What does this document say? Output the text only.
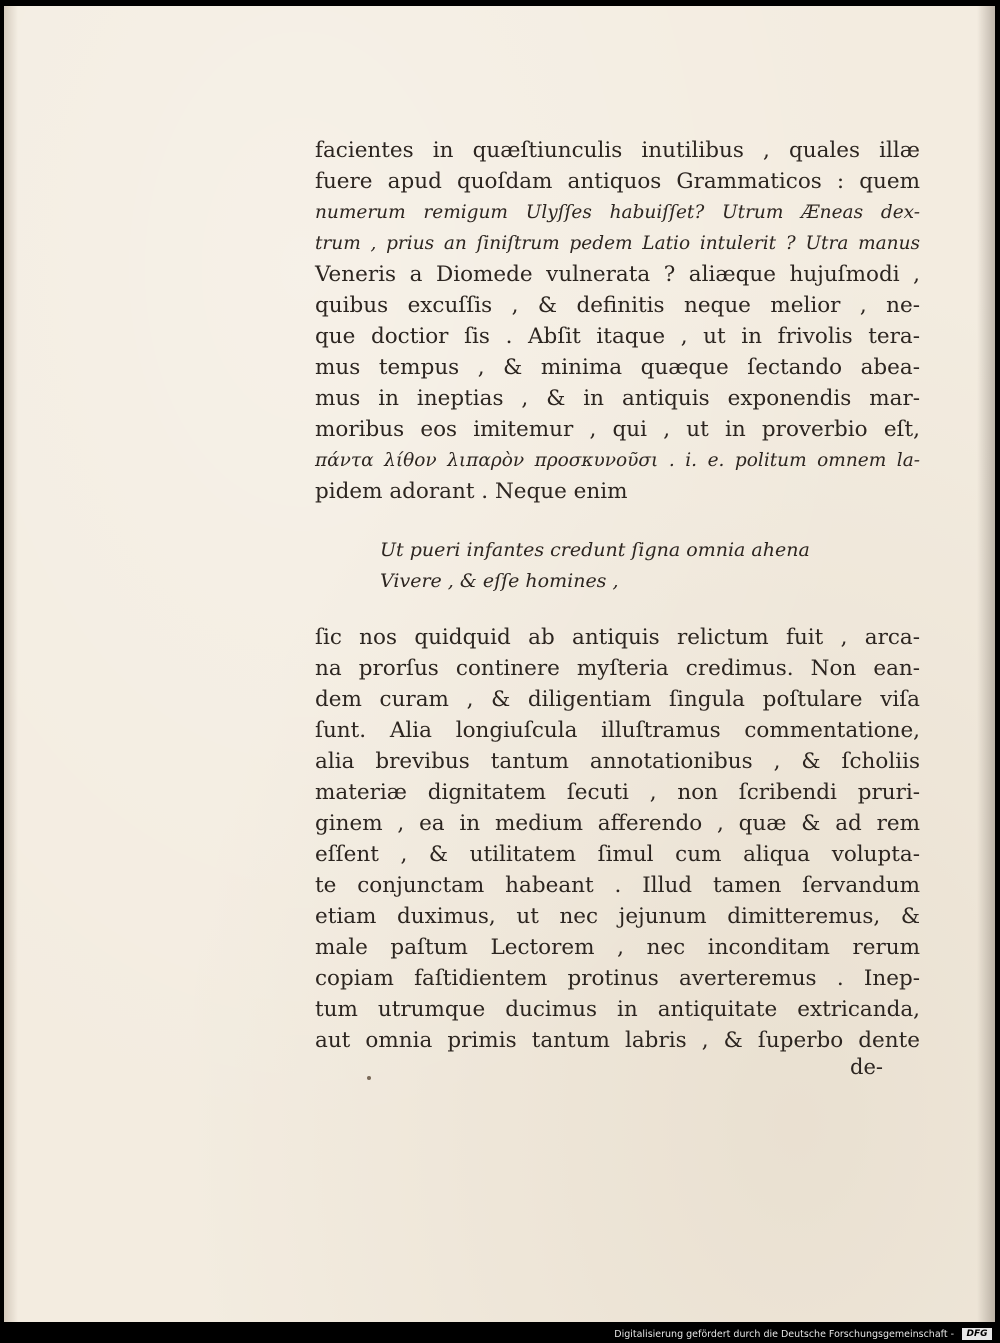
facientes in quæſtiunculis inutilibus , quales illæ
fuere apud quoſdam antiquos Grammaticos : quem
numerum remigum Ulyſſes habuiſſet? Utrum Æneas dex-
trum , prius an ſiniſtrum pedem Latio intulerit ? Utra manus
Veneris a Diomede vulnerata ? aliæque hujuſmodi ,
quibus excuſſis , & definitis neque melior , ne-
que doctior ſis . Abſit itaque , ut in frivolis tera-
mus tempus , & minima quæque ſectando abea-
mus in ineptias , & in antiquis exponendis mar-
moribus eos imitemur , qui , ut in proverbio eſt,
πάντα λίθον λιπαρὸν προσκυνοῦσι . i. e. politum omnem la-
pidem adorant . Neque enim
Ut pueri infantes credunt ſigna omnia ahena
Vivere , & eſſe homines ,
ſic nos quidquid ab antiquis relictum fuit , arca-
na prorſus continere myſteria credimus. Non ean-
dem curam , & diligentiam ſingula poſtulare viſa
ſunt. Alia longiuſcula illuſtramus commentatione,
alia brevibus tantum annotationibus , & ſcholiis
materiæ dignitatem ſecuti , non ſcribendi pruri-
ginem , ea in medium afferendo , quæ & ad rem
eſſent , & utilitatem ſimul cum aliqua volupta-
te conjunctam habeant . Illud tamen ſervandum
etiam duximus, ut nec jejunum dimitteremus, &
male paſtum Lectorem , nec inconditam rerum
copiam faſtidientem protinus averteremus . Inep-
tum utrumque ducimus in antiquitate extricanda,
aut omnia primis tantum labris , & ſuperbo dente
de-
Digitalisierung gefördert durch die Deutsche Forschungsgemeinschaft -	DFG
